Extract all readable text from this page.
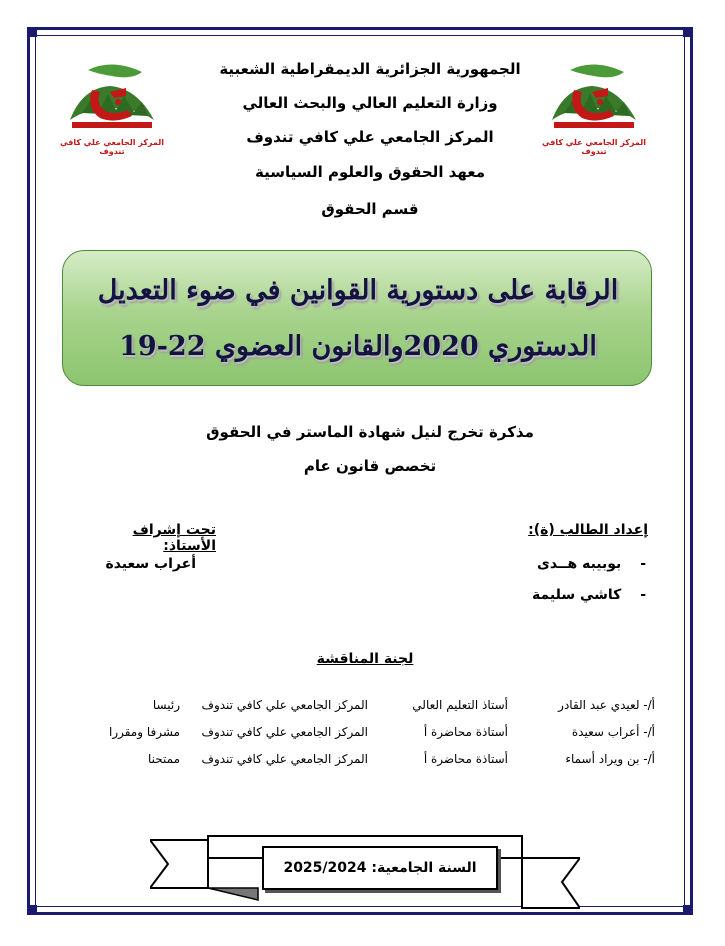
المركز الجامعي علي كافي تندوف
المركز الجامعي علي كافي تندوف
الجمهورية الجزائرية الديمقراطية الشعبية
وزارة التعليم العالي والبحث العالي
المركز الجامعي علي كافي تندوف
معهد الحقوق والعلوم السياسية
قسم الحقوق
الرقابة على دستورية القوانين في ضوء التعديل
الدستوري 2020والقانون العضوي 22-19
مذكرة تخرج لنيل شهادة الماستر في الحقوق
تخصص قانون عام
إعداد الطالب (ة):
- بوبيبه هــدى
- كاشي سليمة
تحت إشراف الأستاذ:
أعراب سعيدة
لجنة المناقشة
أ/- لعيدي عبد القادر
أستاذ التعليم العالي
المركز الجامعي علي كافي تندوف
رئيسا
أ/- أعراب سعيدة
أستاذة محاضرة أ
المركز الجامعي علي كافي تندوف
مشرفا ومقررا
أ/- بن ويراد أسماء
أستاذة محاضرة أ
المركز الجامعي علي كافي تندوف
ممتحنا
السنة الجامعية: 2025/2024
